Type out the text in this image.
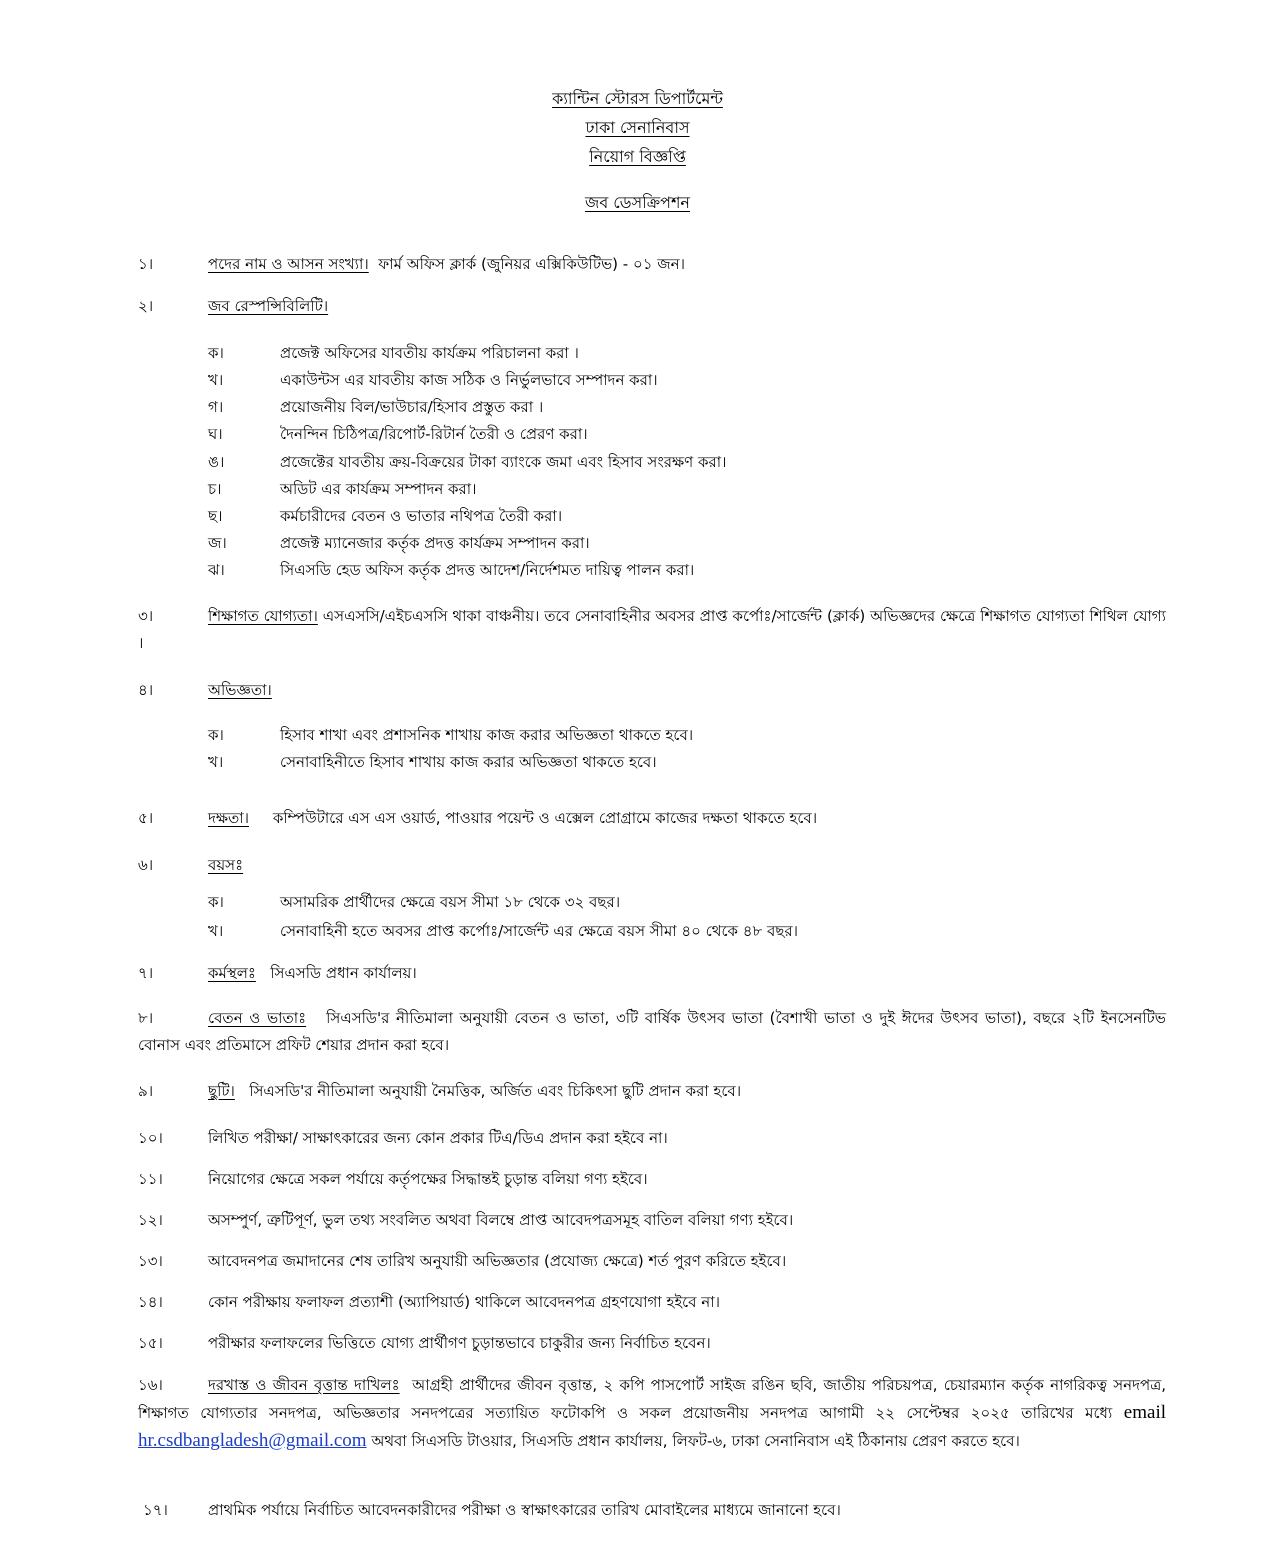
ক্যান্টিন স্টোরস ডিপার্টমেন্ট
ঢাকা সেনানিবাস
নিয়োগ বিজ্ঞপ্তি
জব ডেসক্রিপশন
১।	পদের নাম ও আসন সংখ্যা। ফার্ম অফিস ক্লার্ক (জুনিয়র এক্সিকিউটিভ) - ০১ জন।
২।	জব রেস্পন্সিবিলিটি।
ক।	প্রজেক্ট অফিসের যাবতীয় কার্যক্রম পরিচালনা করা ।
খ।	একাউন্টস এর যাবতীয় কাজ সঠিক ও নির্ভুলভাবে সম্পাদন করা।
গ।	প্রয়োজনীয় বিল/ভাউচার/হিসাব প্রস্তুত করা ।
ঘ।	দৈনন্দিন চিঠিপত্র/রিপোর্ট-রিটার্ন তৈরী ও প্রেরণ করা।
ঙ।	প্রজেক্টের যাবতীয় ক্রয়-বিক্রয়ের টাকা ব্যাংকে জমা এবং হিসাব সংরক্ষণ করা।
চ।	অডিট এর কার্যক্রম সম্পাদন করা।
ছ।	কর্মচারীদের বেতন ও ভাতার নথিপত্র তৈরী করা।
জ।	প্রজেক্ট ম্যানেজার কর্তৃক প্রদত্ত কার্যক্রম সম্পাদন করা।
ঝ।	সিএসডি হেড অফিস কর্তৃক প্রদত্ত আদেশ/নির্দেশমত দায়িত্ব পালন করা।
৩।	শিক্ষাগত যোগ্যতা। এসএসসি/এইচএসসি থাকা বাঞ্চনীয়। তবে সেনাবাহিনীর অবসর প্রাপ্ত কর্পোঃ/সার্জেন্ট (ক্লার্ক) অভিজ্ঞদের ক্ষেত্রে শিক্ষাগত যোগ্যতা শিথিল যোগ্য ।
৪।	অভিজ্ঞতা।
ক।	হিসাব শাখা এবং প্রশাসনিক শাখায় কাজ করার অভিজ্ঞতা থাকতে হবে।
খ।	সেনাবাহিনীতে হিসাব শাখায় কাজ করার অভিজ্ঞতা থাকতে হবে।
৫।	দক্ষতা। কম্পিউটারে এস এস ওয়ার্ড, পাওয়ার পয়েন্ট ও এক্সেল প্রোগ্রামে কাজের দক্ষতা থাকতে হবে।
৬।	বয়সঃ
ক।	অসামরিক প্রার্থীদের ক্ষেত্রে বয়স সীমা ১৮ থেকে ৩২ বছর।
খ।	সেনাবাহিনী হতে অবসর প্রাপ্ত কর্পোঃ/সার্জেন্ট এর ক্ষেত্রে বয়স সীমা ৪০ থেকে ৪৮ বছর।
৭।	কর্মস্থলঃ সিএসডি প্রধান কার্যালয়।
৮।	বেতন ও ভাতাঃ সিএসডি'র নীতিমালা অনুযায়ী বেতন ও ভাতা, ৩টি বার্ষিক উৎসব ভাতা (বৈশাখী ভাতা ও দুই ঈদের উৎসব ভাতা), বছরে ২টি ইনসেনটিভ বোনাস এবং প্রতিমাসে প্রফিট শেয়ার প্রদান করা হবে।
৯।	ছুটি। সিএসডি'র নীতিমালা অনুযায়ী নৈমত্তিক, অর্জিত এবং চিকিৎসা ছুটি প্রদান করা হবে।
১০।	লিখিত পরীক্ষা/ সাক্ষাৎকারের জন্য কোন প্রকার টিএ/ডিএ প্রদান করা হইবে না।
১১।	নিয়োগের ক্ষেত্রে সকল পর্যায়ে কর্তৃপক্ষের সিদ্ধান্তই চুড়ান্ত বলিয়া গণ্য হইবে।
১২।	অসম্পুর্ণ, ত্রুটিপূর্ণ, ভুল তথ্য সংবলিত অথবা বিলম্বে প্রাপ্ত আবেদপত্রসমূহ বাতিল বলিয়া গণ্য হইবে।
১৩।	আবেদনপত্র জমাদানের শেষ তারিখ অনুযায়ী অভিজ্ঞতার (প্রযোজ্য ক্ষেত্রে) শর্ত পুরণ করিতে হইবে।
১৪।	কোন পরীক্ষায় ফলাফল প্রত্যাশী (অ্যাপিয়ার্ড) থাকিলে আবেদনপত্র গ্রহণযোগা হইবে না।
১৫।	পরীক্ষার ফলাফলের ভিত্তিতে যোগ্য প্রার্থীগণ চুড়ান্তভাবে চাকুরীর জন্য নির্বাচিত হবেন।
১৬।	দরখাস্ত ও জীবন বৃত্তান্ত দাখিলঃ আগ্রহী প্রার্থীদের জীবন বৃত্তান্ত, ২ কপি পাসপোর্ট সাইজ রঙিন ছবি, জাতীয় পরিচয়পত্র, চেয়ারম্যান কর্তৃক নাগরিকত্ব সনদপত্র, শিক্ষাগত যোগ্যতার সনদপত্র, অভিজ্ঞতার সনদপত্রের সত্যায়িত ফটোকপি ও সকল প্রয়োজনীয় সনদপত্র আগামী ২২ সেপ্টেম্বর ২০২৫ তারিখের মধ্যে email hr.csdbangladesh@gmail.com অথবা সিএসডি টাওয়ার, সিএসডি প্রধান কার্যালয়, লিফট-৬, ঢাকা সেনানিবাস এই ঠিকানায় প্রেরণ করতে হবে।
১৭।	প্রাথমিক পর্যায়ে নির্বাচিত আবেদনকারীদের পরীক্ষা ও স্বাক্ষাৎকারের তারিখ মোবাইলের মাধ্যমে জানানো হবে।
